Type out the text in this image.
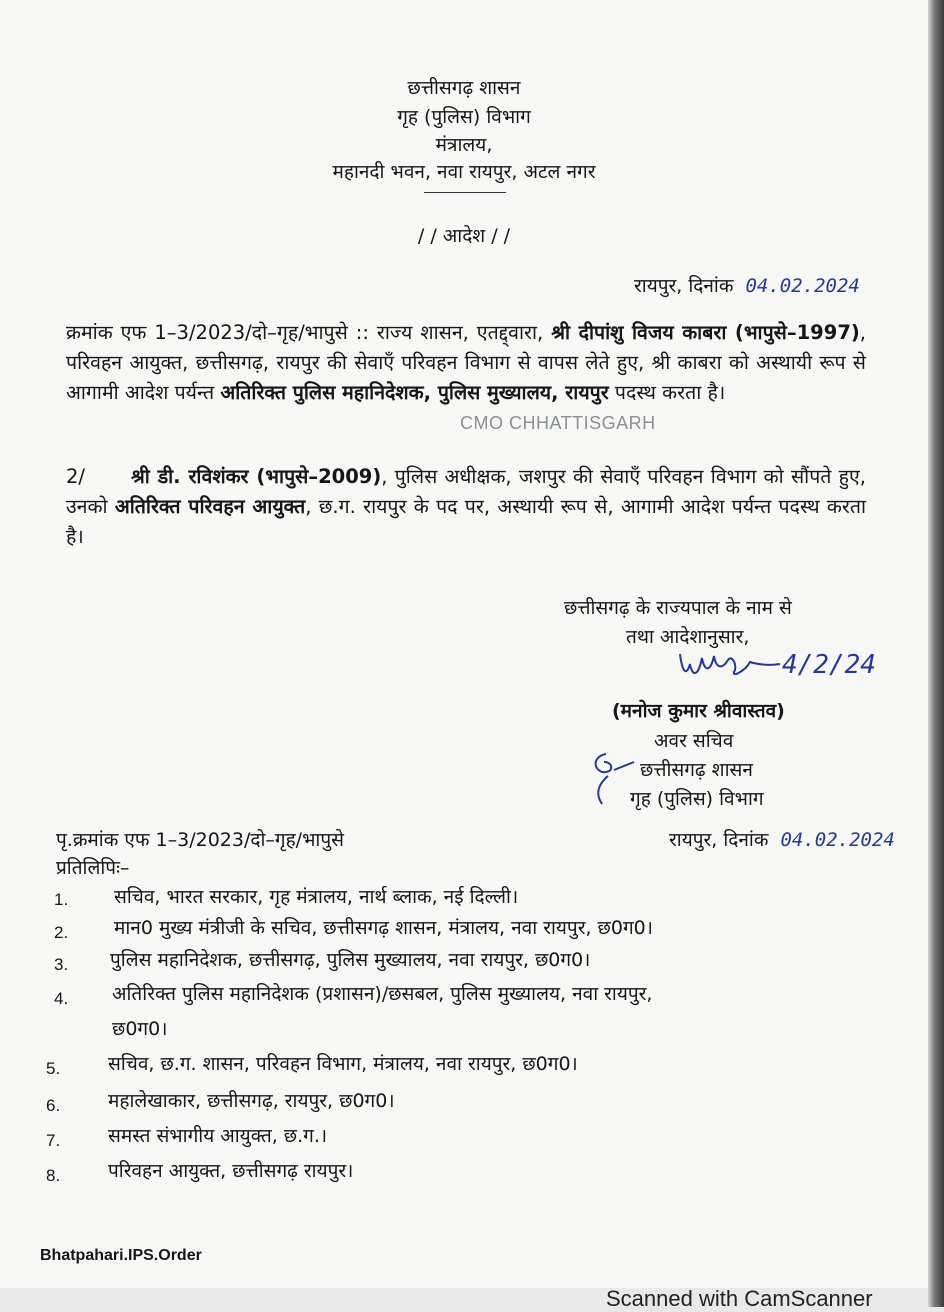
छत्तीसगढ़ शासन
गृह (पुलिस) विभाग
मंत्रालय,
महानदी भवन, नवा रायपुर, अटल नगर
/ / आदेश / /
रायपुर, दिनांक 04.02.2024
क्रमांक एफ 1–3/2023/दो–गृह/भापुसे :: राज्य शासन, एतद्द्वारा, श्री दीपांशु विजय काबरा (भापुसे–1997), परिवहन आयुक्त, छत्तीसगढ़, रायपुर की सेवाऍं परिवहन विभाग से वापस लेते हुए, श्री काबरा को अस्थायी रूप से आगामी आदेश पर्यन्त अतिरिक्त पुलिस महानिदेशक, पुलिस मुख्यालय, रायपुर पदस्थ करता है।
CMO CHHATTISGARH
2/ श्री डी. रविशंकर (भापुसे–2009), पुलिस अधीक्षक, जशपुर की सेवाऍं परिवहन विभाग को सौंपते हुए, उनको अतिरिक्त परिवहन आयुक्त, छ.ग. रायपुर के पद पर, अस्थायी रूप से, आगामी आदेश पर्यन्त पदस्थ करता है।
छत्तीसगढ़ के राज्यपाल के नाम से
तथा आदेशानुसार,
4/2/24
(मनोज कुमार श्रीवास्तव)
अवर सचिव
छत्तीसगढ़ शासन
गृह (पुलिस) विभाग
पृ.क्रमांक एफ 1–3/2023/दो–गृह/भापुसे	रायपुर, दिनांक 04.02.2024
प्रतिलिपिः–
1. सचिव, भारत सरकार, गृह मंत्रालय, नार्थ ब्लाक, नई दिल्ली।
2. मान0 मुख्य मंत्रीजी के सचिव, छत्तीसगढ़ शासन, मंत्रालय, नवा रायपुर, छ0ग0।
3. पुलिस महानिदेशक, छत्तीसगढ़, पुलिस मुख्यालय, नवा रायपुर, छ0ग0।
4. अतिरिक्त पुलिस महानिदेशक (प्रशासन)/छसबल, पुलिस मुख्यालय, नवा रायपुर,
छ0ग0।
5.	सचिव, छ.ग. शासन, परिवहन विभाग, मंत्रालय, नवा रायपुर, छ0ग0।
6.	महालेखाकार, छत्तीसगढ़, रायपुर, छ0ग0।
7.	समस्त संभागीय आयुक्त, छ.ग.।
8.	परिवहन आयुक्त, छत्तीसगढ़ रायपुर।
Bhatpahari.IPS.Order
Scanned with CamScanner
